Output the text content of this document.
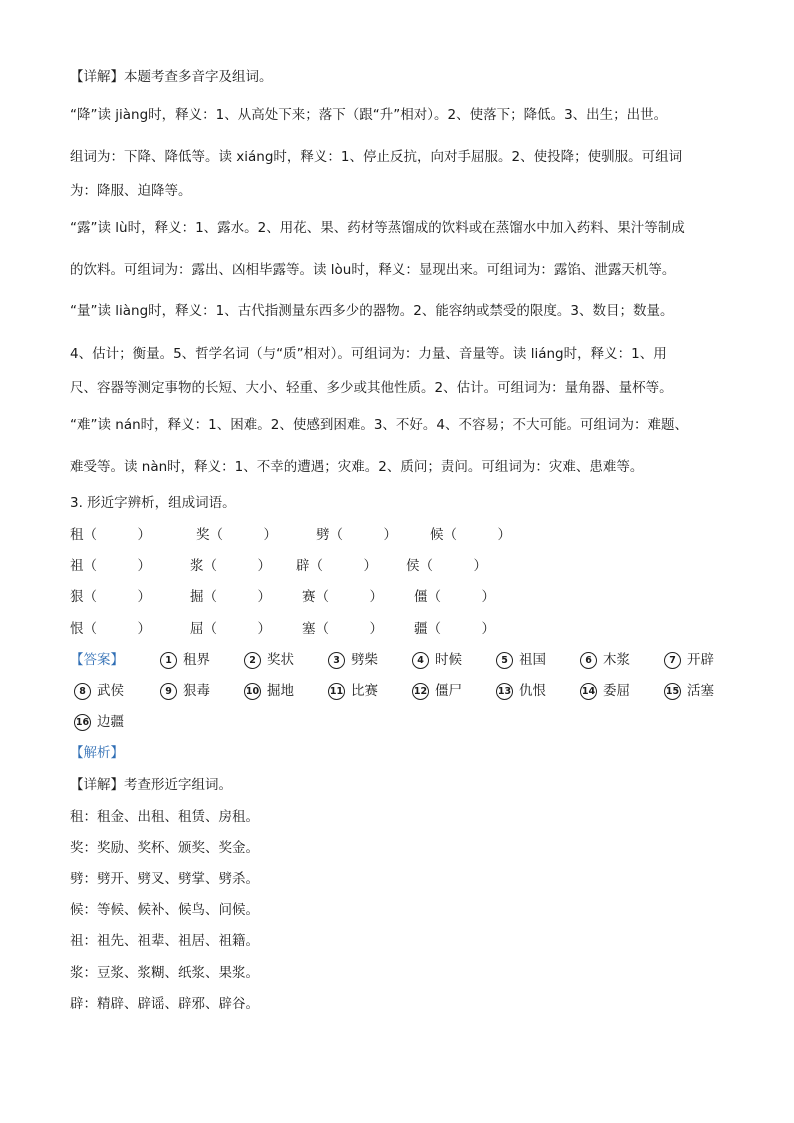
【详解】本题考查多音字及组词。
“降”读 jiàng时，释义：1、从高处下来；落下（跟“升”相对）。2、使落下；降低。3、出生；出世。
组词为：下降、降低等。读 xiáng时，释义：1、停止反抗，向对手屈服。2、使投降；使驯服。可组词
为：降服、迫降等。
“露”读 lù时，释义：1、露水。2、用花、果、药材等蒸馏成的饮料或在蒸馏水中加入药料、果汁等制成
的饮料。可组词为：露出、凶相毕露等。读 lòu时，释义：显现出来。可组词为：露馅、泄露天机等。
“量”读 liàng时，释义：1、古代指测量东西多少的器物。2、能容纳或禁受的限度。3、数目；数量。
4、估计；衡量。5、哲学名词（与“质”相对）。可组词为：力量、音量等。读 liáng时，释义：1、用
尺、容器等测定事物的长短、大小、轻重、多少或其他性质。2、估计。可组词为：量角器、量杯等。
“难”读 nán时，释义：1、困难。2、使感到困难。3、不好。4、不容易；不大可能。可组词为：难题、
难受等。读 nàn时，释义：1、不幸的遭遇；灾难。2、质问；责问。可组词为：灾难、患难等。
3. 形近字辨析，组成词语。
租（　　　）	奖（　　　）	劈（　　　） 候（　　　）
祖（　　　）	浆（　　　） 辟（　　　） 侯（　　　）
狠（　　　）	掘（　　　） 赛（　　　） 僵（　　　）
恨（　　　）	屈（　　　） 塞（　　　） 疆（　　　）
【答案】	1 租界	2 奖状	3 劈柴	4 时候	5 祖国	6 木浆	7 开辟
8 武侯	9 狠毒	10 掘地	11 比赛	12 僵尸	13 仇恨	14 委屈	15 活塞
16 边疆
【解析】
【详解】考查形近字组词。
租：租金、出租、租赁、房租。
奖：奖励、奖杯、颁奖、奖金。
劈：劈开、劈叉、劈掌、劈杀。
候：等候、候补、候鸟、问候。
祖：祖先、祖辈、祖居、祖籍。
浆：豆浆、浆糊、纸浆、果浆。
辟：精辟、辟谣、辟邪、辟谷。
